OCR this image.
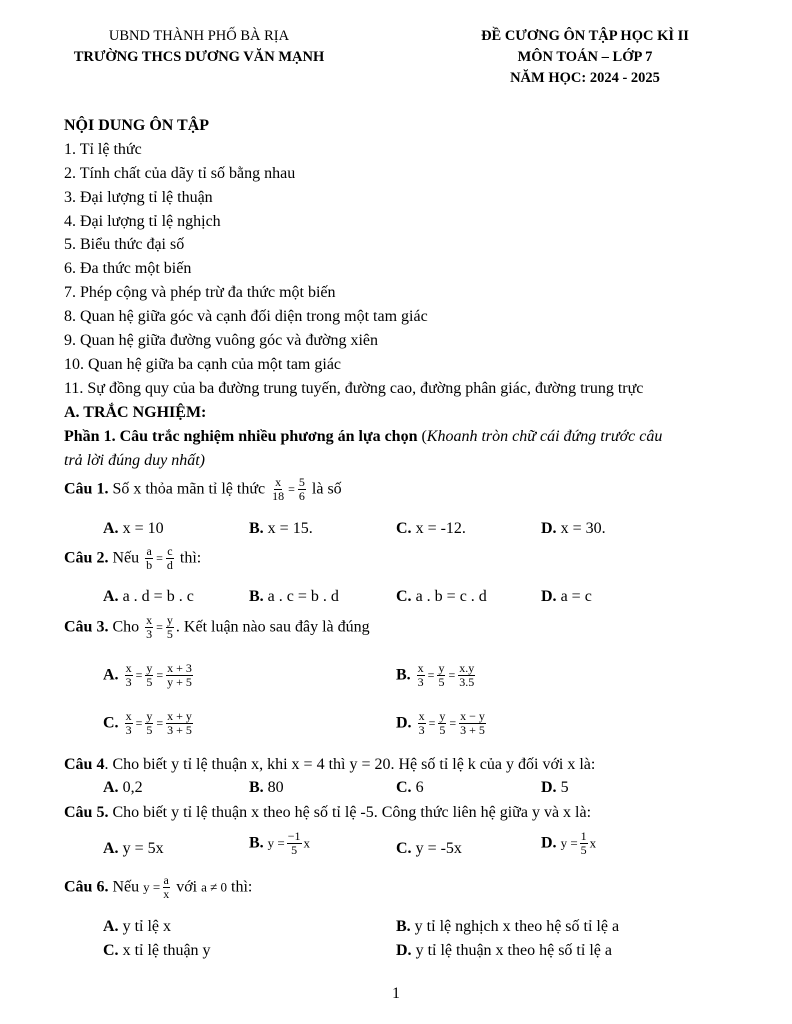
UBND THÀNH PHỐ BÀ RỊA
TRƯỜNG THCS DƯƠNG VĂN MẠNH
ĐỀ CƯƠNG ÔN TẬP HỌC KÌ II
MÔN TOÁN – LỚP 7
NĂM HỌC: 2024 - 2025
NỘI DUNG ÔN TẬP
1. Tỉ lệ thức
2. Tính chất của dãy tỉ số bằng nhau
3. Đại lượng tỉ lệ thuận
4. Đại lượng tỉ lệ nghịch
5. Biểu thức đại số
6. Đa thức một biến
7. Phép cộng và phép trừ đa thức một biến
8. Quan hệ giữa góc và cạnh đối diện trong một tam giác
9. Quan hệ giữa đường vuông góc và đường xiên
10. Quan hệ giữa ba cạnh của một tam giác
11. Sự đồng quy của ba đường trung tuyến, đường cao, đường phân giác, đường trung trực
A. TRẮC NGHIỆM:
Phần 1. Câu trắc nghiệm nhiều phương án lựa chọn (Khoanh tròn chữ cái đứng trước câu
trả lời đúng duy nhất)
Câu 1. Số x thỏa mãn tỉ lệ thức $\frac{x}{18} = \frac{5}{6}$ là số
A. x = 10	B. x = 15.	C. x = -12.	D. x = 30.
Câu 2. Nếu $\frac{a}{b} = \frac{c}{d}$ thì:
A. a . d = b . c	B. a . c = b . d	C. a . b = c . d	D. a = c
Câu 3. Cho $\frac{x}{3} = \frac{y}{5}$ . Kết luận nào sau đây là đúng
A. $\frac{x}{3} = \frac{y}{5} = \frac{x + 3}{y + 5}$	B. $\frac{x}{3} = \frac{y}{5} = \frac{x.y}{3.5}$
C. $\frac{x}{3} = \frac{y}{5} = \frac{x + y}{3 + 5}$	D. $\frac{x}{3} = \frac{y}{5} = \frac{x - y}{3 + 5}$
Câu 4. Cho biết y tỉ lệ thuận x, khi x = 4 thì y = 20. Hệ số tỉ lệ k của y đối với x là:
A. 0,2	B. 80	C. 6	D. 5
Câu 5. Cho biết y tỉ lệ thuận x theo hệ số tỉ lệ -5. Công thức liên hệ giữa y và x là:
A. y = 5x	B. $y = \frac{-1}{5}$ x	C. y = -5x	D. $y = \frac{1}{5}$ x
Câu 6. Nếu $y = \frac{a}{x}$ với a ≠ 0 thì:
A. y tỉ lệ x	B. y tỉ lệ nghịch x theo hệ số tỉ lệ a
C. x tỉ lệ thuận y	D. y tỉ lệ thuận x theo hệ số tỉ lệ a
1
